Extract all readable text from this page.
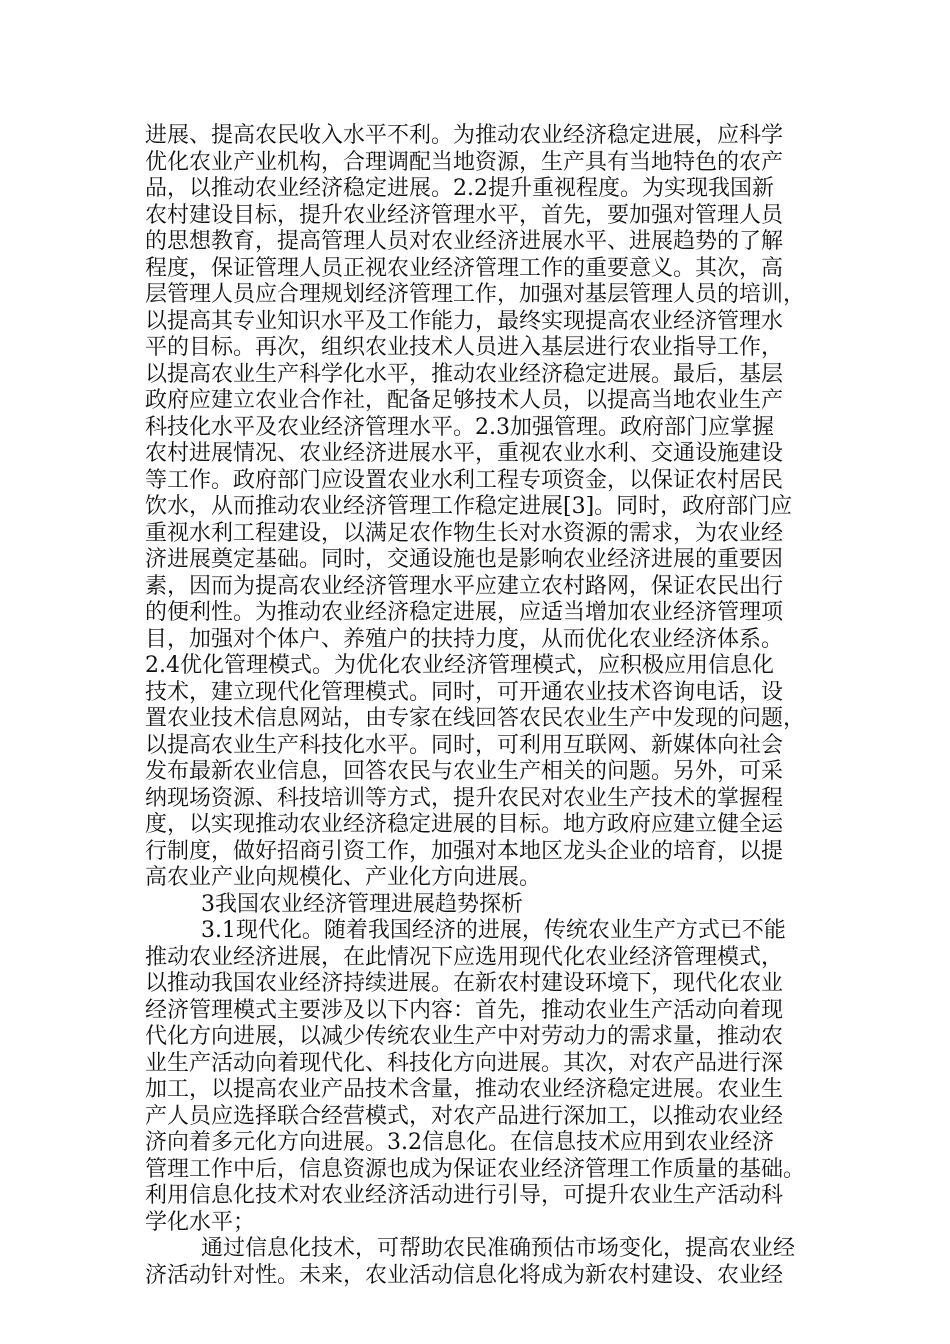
进展、提高农民收入水平不利。为推动农业经济稳定进展，应科学
优化农业产业机构，合理调配当地资源，生产具有当地特色的农产
品，以推动农业经济稳定进展。2.2提升重视程度。为实现我国新
农村建设目标，提升农业经济管理水平，首先，要加强对管理人员
的思想教育，提高管理人员对农业经济进展水平、进展趋势的了解
程度，保证管理人员正视农业经济管理工作的重要意义。其次，高
层管理人员应合理规划经济管理工作，加强对基层管理人员的培训，
以提高其专业知识水平及工作能力，最终实现提高农业经济管理水
平的目标。再次，组织农业技术人员进入基层进行农业指导工作，
以提高农业生产科学化水平，推动农业经济稳定进展。最后，基层
政府应建立农业合作社，配备足够技术人员，以提高当地农业生产
科技化水平及农业经济管理水平。2.3加强管理。政府部门应掌握
农村进展情况、农业经济进展水平，重视农业水利、交通设施建设
等工作。政府部门应设置农业水利工程专项资金，以保证农村居民
饮水，从而推动农业经济管理工作稳定进展[3]。同时，政府部门应
重视水利工程建设，以满足农作物生长对水资源的需求，为农业经
济进展奠定基础。同时，交通设施也是影响农业经济进展的重要因
素，因而为提高农业经济管理水平应建立农村路网，保证农民出行
的便利性。为推动农业经济稳定进展，应适当增加农业经济管理项
目，加强对个体户、养殖户的扶持力度，从而优化农业经济体系。
2.4优化管理模式。为优化农业经济管理模式，应积极应用信息化
技术，建立现代化管理模式。同时，可开通农业技术咨询电话，设
置农业技术信息网站，由专家在线回答农民农业生产中发现的问题，
以提高农业生产科技化水平。同时，可利用互联网、新媒体向社会
发布最新农业信息，回答农民与农业生产相关的问题。另外，可采
纳现场资源、科技培训等方式，提升农民对农业生产技术的掌握程
度，以实现推动农业经济稳定进展的目标。地方政府应建立健全运
行制度，做好招商引资工作，加强对本地区龙头企业的培育，以提
高农业产业向规模化、产业化方向进展。
3我国农业经济管理进展趋势探析
3.1现代化。随着我国经济的进展，传统农业生产方式已不能
推动农业经济进展，在此情况下应选用现代化农业经济管理模式，
以推动我国农业经济持续进展。在新农村建设环境下，现代化农业
经济管理模式主要涉及以下内容：首先，推动农业生产活动向着现
代化方向进展，以减少传统农业生产中对劳动力的需求量，推动农
业生产活动向着现代化、科技化方向进展。其次，对农产品进行深
加工，以提高农业产品技术含量，推动农业经济稳定进展。农业生
产人员应选择联合经营模式，对农产品进行深加工，以推动农业经
济向着多元化方向进展。3.2信息化。在信息技术应用到农业经济
管理工作中后，信息资源也成为保证农业经济管理工作质量的基础。
利用信息化技术对农业经济活动进行引导，可提升农业生产活动科
学化水平；
通过信息化技术，可帮助农民准确预估市场变化，提高农业经
济活动针对性。未来，农业活动信息化将成为新农村建设、农业经
